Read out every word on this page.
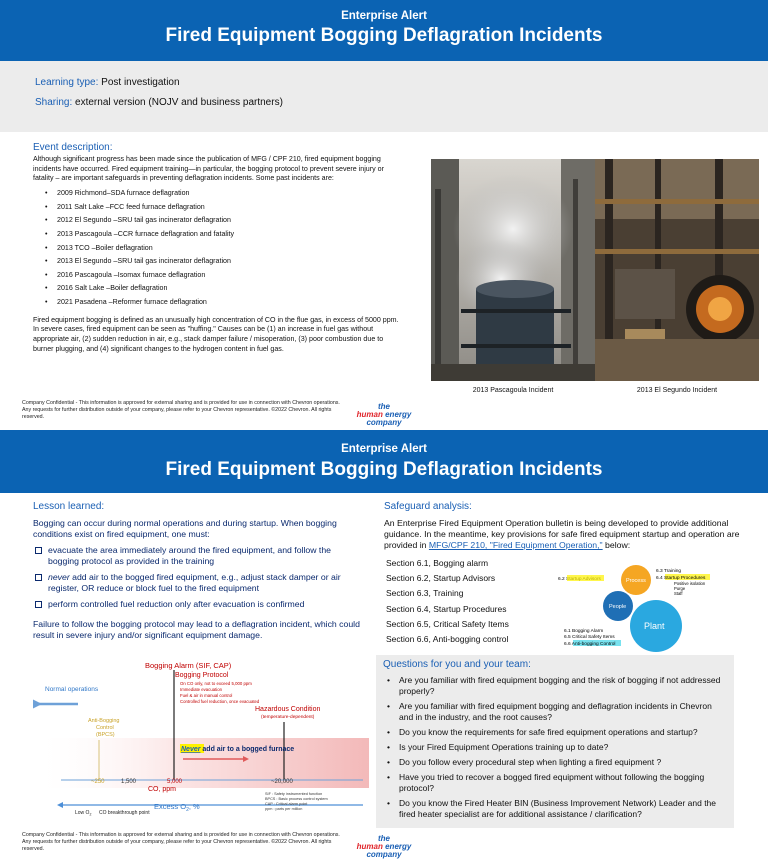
Enterprise Alert
Fired Equipment Bogging Deflagration Incidents
Learning type: Post investigation
Sharing: external version (NOJV and business partners)
Event description:

Although significant progress has been made since the publication of MFG / CPF 210, fired equipment bogging incidents have occurred. Fired equipment training—in particular, the bogging protocol to prevent severe injury or fatality – are important safeguards in preventing deflagration incidents. Some past incidents are:

• 2009 Richmond–SDA furnace deflagration
• 2011 Salt Lake –FCC feed furnace deflagration
• 2012 El Segundo –SRU tail gas incinerator deflagration
• 2013 Pascagoula –CCR furnace deflagration and fatality
• 2013 TCO –Boiler deflagration
• 2013 El Segundo –SRU tail gas incinerator deflagration
• 2016 Pascagoula –Isomax furnace deflagration
• 2016 Salt Lake –Boiler deflagration
• 2021 Pasadena –Reformer furnace deflagration

Fired equipment bogging is defined as an unusually high concentration of CO in the flue gas, in excess of 5000 ppm. In severe cases, fired equipment can be seen as "huffing." Causes can be (1) an increase in fuel gas without appropriate air, (2) sudden reduction in air, e.g., stack damper failure / misoperation, (3) poor combustion due to burner plugging, and (4) significant changes to the hydrogen content in fuel gas.

2013 Pascagoula Incident	2013 El Segundo Incident
Company Confidential - This information is approved for external sharing and is provided for use in connection with Chevron operations. Any requests for further distribution outside of your company, please refer to your Chevron representative. ©2022 Chevron. All rights reserved.
the
human energy
company
Enterprise Alert
Fired Equipment Bogging Deflagration Incidents
Lesson learned:
Bogging can occur during normal operations and during startup. When bogging conditions exist on fired equipment, one must:
evacuate the area immediately around the fired equipment, and follow the bogging protocol as provided in the training
never add air to the bogged fired equipment, e.g., adjust stack damper or air register, OR reduce or block fuel to the fired equipment
perform controlled fuel reduction only after evacuation is confirmed
Failure to follow the bogging protocol may lead to a deflagration incident, which could result in severe injury and/or significant equipment damage.
Bogging Alarm (SIF, CAP)
Bogging Protocol
On CO only, not to exceed 5,000 ppm
Immediate evacuation
Fuel & air in manual control
Controlled fuel reduction, once evacuated
Normal operations
Anti-Bogging
Control
(BPCS)
Hazardous Condition
(temperature-dependent)
Never add air to a bogged furnace
~250	1,500	5,000	~20,000
CO, ppm
Excess $O_2$, %
Low $O_2$ CO breakthrough point
SIF : Safety instrumented function
BPCS : Basic process control system
CAP : Critical alarm point
ppm : parts per million
Safeguard analysis:
An Enterprise Fired Equipment Operation bulletin is being developed to provide additional guidance. In the meantime, key provisions for safe fired equipment startup and operation are provided in MFG/CPF 210, "Fired Equipment Operation," below:
Section 6.1, Bogging alarm
Section 6.2, Startup Advisors
Section 6.3, Training
Section 6.4, Startup Procedures
Section 6.5, Critical Safety Items
Section 6.6, Anti-bogging control
Process
People
Plant
6.2
6.3 Training
6.4 Startup Procedures
Positive isolation
Purge
Staff
6.1 Bogging Alarm
6.5 Critical Safety Items
6.6 Anti-bogging Control
Questions for you and your team:
• Are you familiar with fired equipment bogging and the risk of bogging if not addressed properly?
• Are you familiar with fired equipment bogging and deflagration incidents in Chevron and in the industry, and the root causes?
• Do you know the requirements for safe fired equipment operations and startup?
• Is your Fired Equipment Operations training up to date?
• Do you follow every procedural step when lighting a fired equipment ?
• Have you tried to recover a bogged fired equipment without following the bogging protocol?
• Do you know the Fired Heater BIN (Business Improvement Network) Leader and the fired heater specialist are for additional assistance / clarification?
Company Confidential - This information is approved for external sharing and is provided for use in connection with Chevron operations. Any requests for further distribution outside of your company, please refer to your Chevron representative. ©2022 Chevron. All rights reserved.
the
human energy
company
